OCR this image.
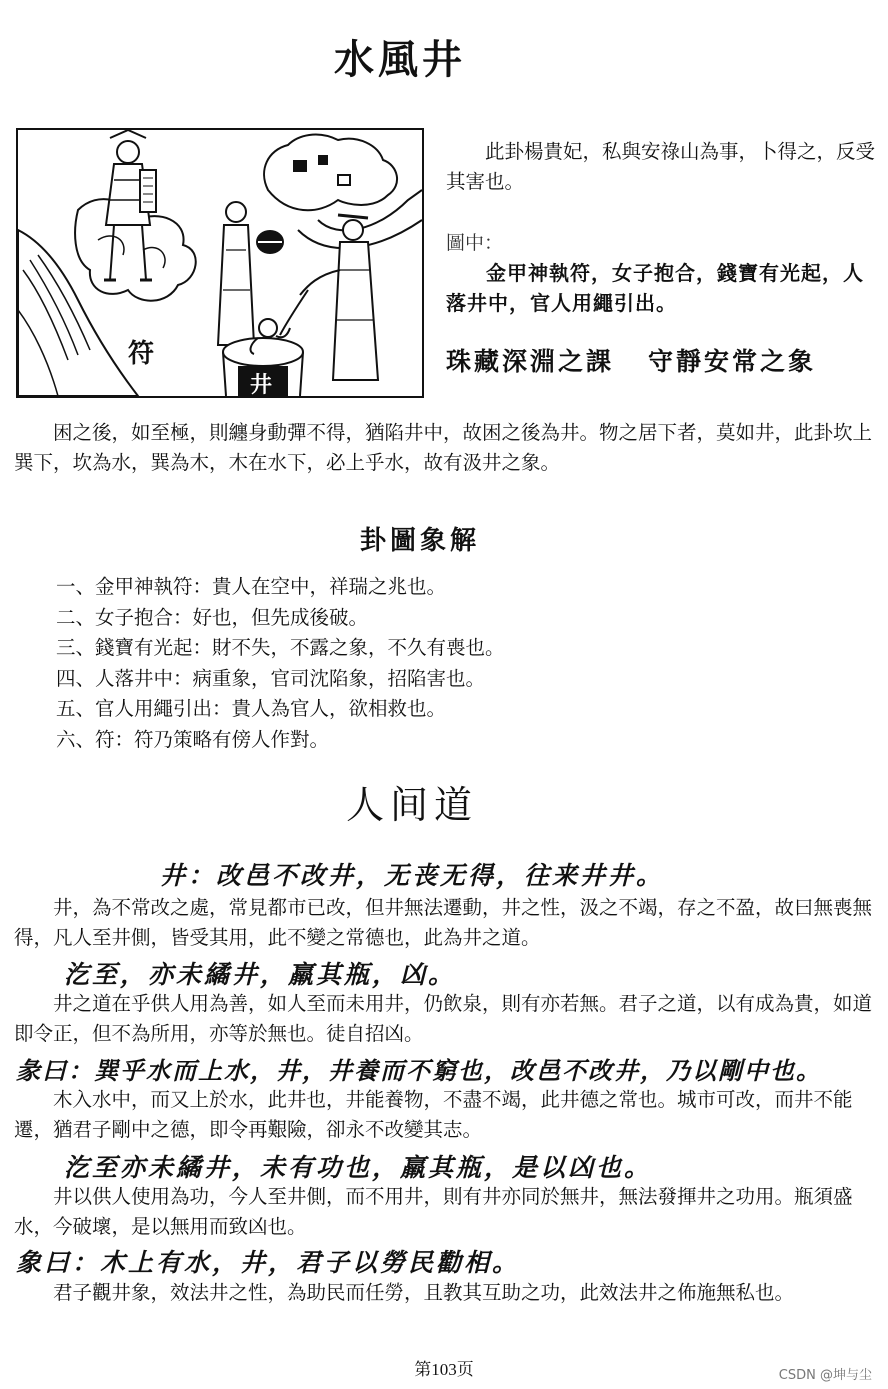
水風井
符
井

此卦楊貴妃，私與安祿山為事，卜得之，反受其害也。

圖中：

金甲神執符，女子抱合，錢寶有光起，人落井中，官人用繩引出。

珠藏深淵之課 守靜安常之象

困之後，如至極，則纏身動彈不得，猶陷井中，故困之後為井。物之居下者，莫如井，此卦坎上巽下，坎為水，巽為木，木在水下，必上乎水，故有汲井之象。

卦圖象解
一、金甲神執符：貴人在空中，祥瑞之兆也。
二、女子抱合：好也，但先成後破。
三、錢寶有光起：財不失，不露之象，不久有喪也。
四、人落井中：病重象，官司沈陷象，招陷害也。
五、官人用繩引出：貴人為官人，欲相救也。
六、符：符乃策略有傍人作對。
人间道
井：改邑不改井，无丧无得，往来井井。

井，為不常改之處，常見都市已改，但井無法遷動，井之性，汲之不竭，存之不盈，故曰無喪無得，凡人至井側，皆受其用，此不變之常德也，此為井之道。

汔至，亦未繘井，羸其瓶，凶。

井之道在乎供人用為善，如人至而未用井，仍飲泉，則有亦若無。君子之道，以有成為貴，如道即令正，但不為所用，亦等於無也。徒自招凶。

彖曰：巽乎水而上水，井，井養而不窮也，改邑不改井，乃以剛中也。

木入水中，而又上於水，此井也，井能養物，不盡不竭，此井德之常也。城市可改，而井不能遷，猶君子剛中之德，即令再艱險，卻永不改變其志。

汔至亦未繘井，未有功也，羸其瓶，是以凶也。

井以供人使用為功，今人至井側，而不用井，則有井亦同於無井，無法發揮井之功用。瓶須盛水，今破壞，是以無用而致凶也。

象曰：木上有水，井，君子以勞民勸相。

君子觀井象，效法井之性，為助民而任勞，且教其互助之功，此效法井之佈施無私也。

第103页	CSDN @坤与尘
